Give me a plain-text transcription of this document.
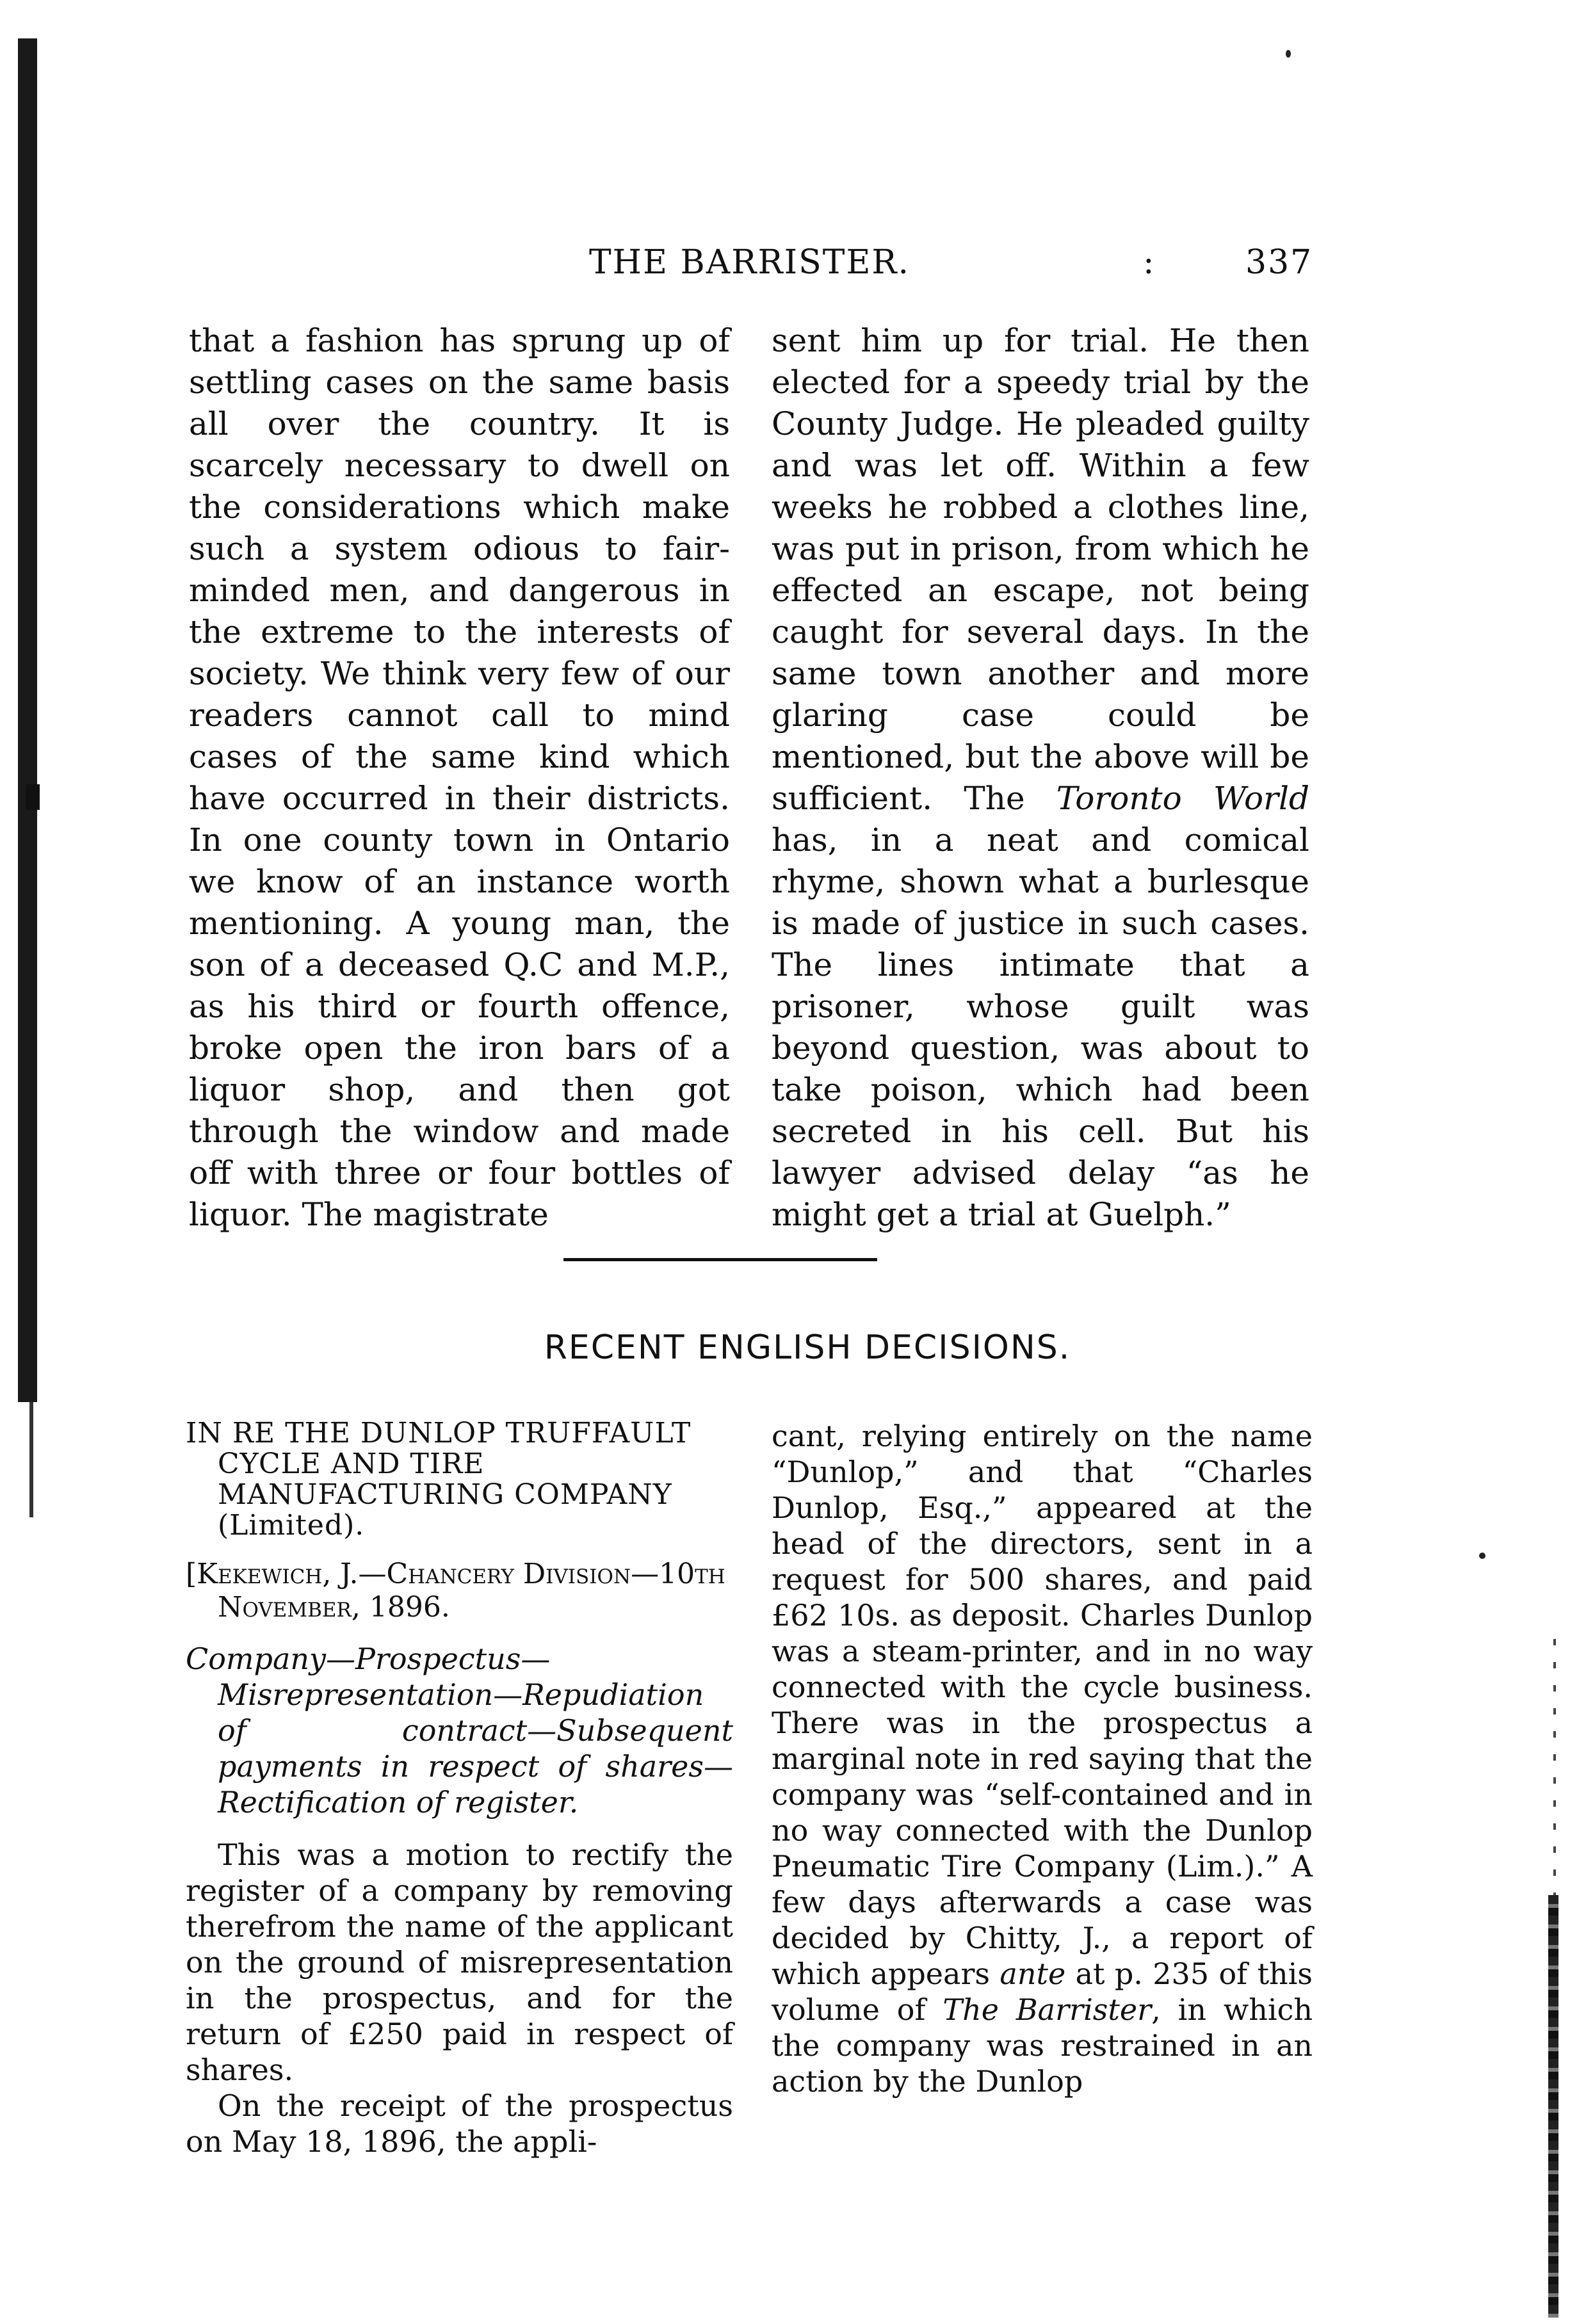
THE BARRISTER.	:	337

that a fashion has sprung up of settling cases on the same basis all over the country. It is scarcely necessary to dwell on the considerations which make such a system odious to fair-minded men, and dangerous in the extreme to the interests of society. We think very few of our readers cannot call to mind cases of the same kind which have occurred in their districts. In one county town in Ontario we know of an instance worth mentioning. A young man, the son of a deceased Q.C and M.P., as his third or fourth offence, broke open the iron bars of a liquor shop, and then got through the window and made off with three or four bottles of liquor. The magistrate

sent him up for trial. He then elected for a speedy trial by the County Judge. He pleaded guilty and was let off. Within a few weeks he robbed a clothes line, was put in prison, from which he effected an escape, not being caught for several days. In the same town another and more glaring case could be mentioned, but the above will be sufficient. The Toronto World has, in a neat and comical rhyme, shown what a burlesque is made of justice in such cases. The lines intimate that a prisoner, whose guilt was beyond question, was about to take poison, which had been secreted in his cell. But his lawyer advised delay “as he might get a trial at Guelph.”

RECENT ENGLISH DECISIONS.

IN RE THE DUNLOP TRUFFAULT CYCLE AND TIRE MANUFACTURING COMPANY (Limited).

[Kekewich, J.—Chancery Division—10th November, 1896.

Company—Prospectus—Misrepresentation—Repudiation of contract—Subsequent payments in respect of shares—Rectification of register.

This was a motion to rectify the register of a company by removing therefrom the name of the applicant on the ground of misrepresentation in the prospectus, and for the return of £250 paid in respect of shares.

On the receipt of the prospectus on May 18, 1896, the appli-

cant, relying entirely on the name “Dunlop,” and that “Charles Dunlop, Esq.,” appeared at the head of the directors, sent in a request for 500 shares, and paid £62 10s. as deposit. Charles Dunlop was a steam-printer, and in no way connected with the cycle business. There was in the prospectus a marginal note in red saying that the company was “self-contained and in no way connected with the Dunlop Pneumatic Tire Company (Lim.).” A few days afterwards a case was decided by Chitty, J., a report of which appears ante at p. 235 of this volume of The Barrister, in which the company was restrained in an action by the Dunlop
